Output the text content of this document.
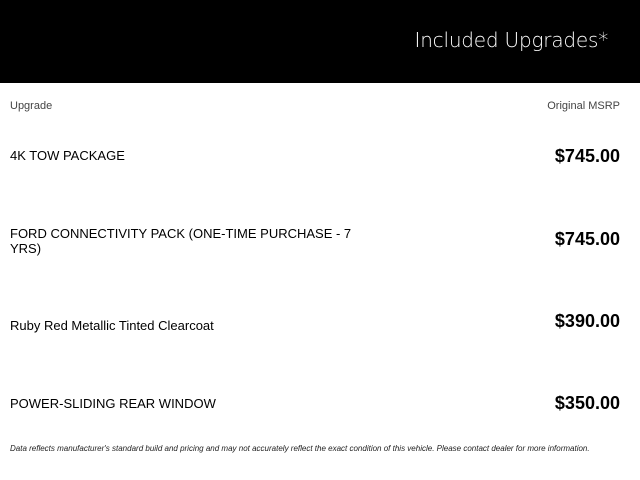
Included Upgrades*
Upgrade	Original MSRP
4K TOW PACKAGE	$745.00
FORD CONNECTIVITY PACK (ONE-TIME PURCHASE - 7 YRS)	$745.00
Ruby Red Metallic Tinted Clearcoat	$390.00
POWER-SLIDING REAR WINDOW	$350.00
Data reflects manufacturer's standard build and pricing and may not accurately reflect the exact condition of this vehicle. Please contact dealer for more information.
